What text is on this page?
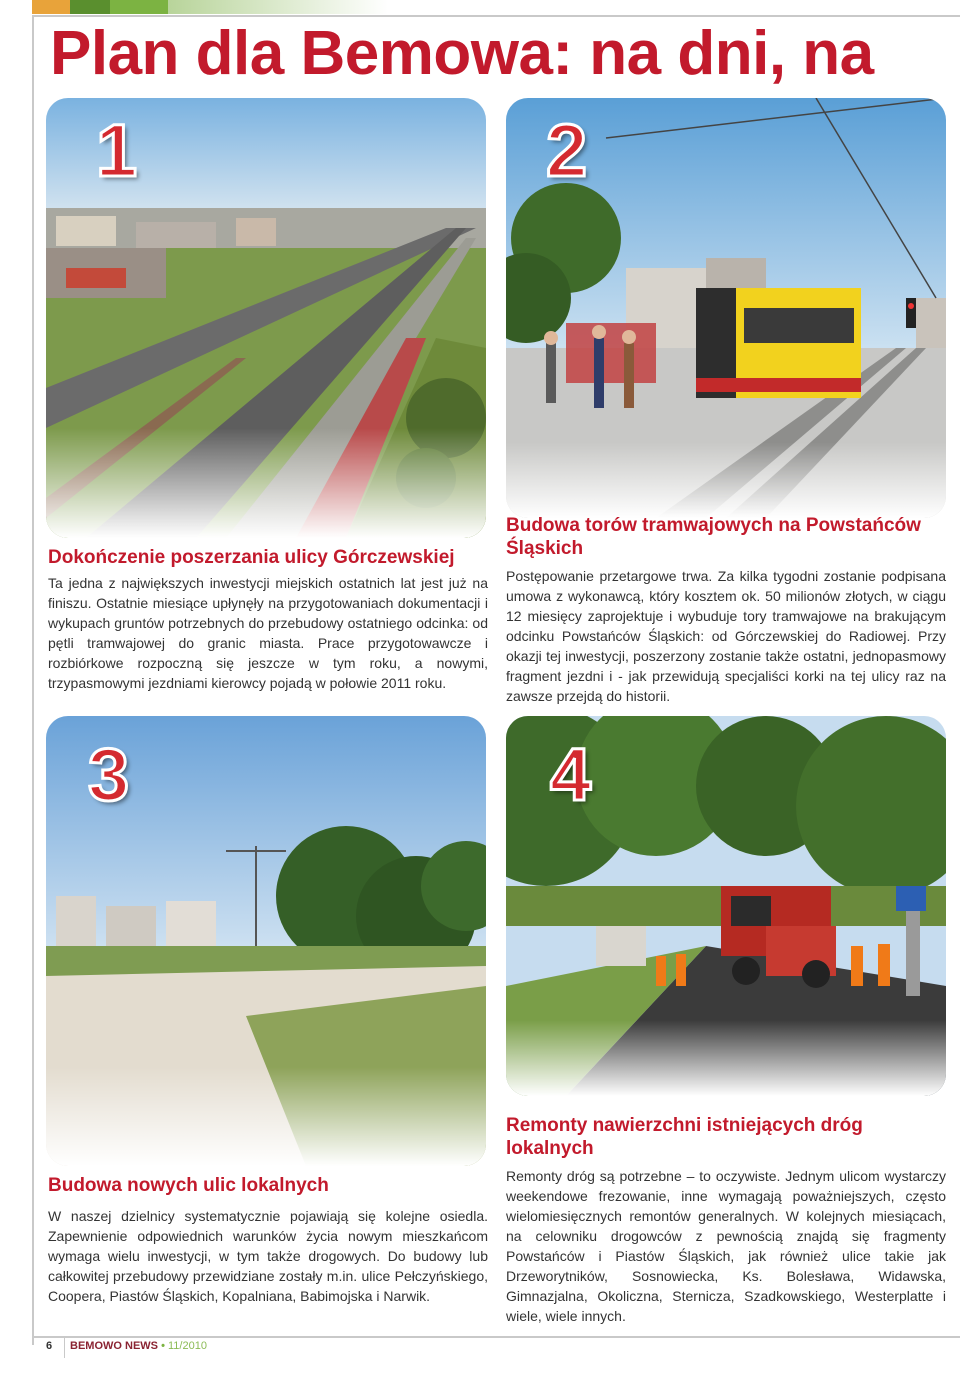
Plan dla Bemowa: na dni, na
1	2
Dokończenie poszerzania ulicy Górczewskiej

Ta jedna z największych inwestycji miejskich ostatnich lat jest już na finiszu. Ostatnie miesiące upłynęły na przygotowaniach dokumentacji i wykupach gruntów potrzebnych do przebudowy ostatniego odcinka: od pętli tramwajowej do granic miasta. Prace przygotowawcze i rozbiórkowe rozpoczną się jeszcze w tym roku, a nowymi, trzypasmowymi jezdniami kierowcy pojadą w połowie 2011 roku.

Budowa torów tramwajowych na Powstańców Śląskich

Postępowanie przetargowe trwa. Za kilka tygodni zostanie podpisana umowa z wykonawcą, który kosztem ok. 50 milionów złotych, w ciągu 12 miesięcy zaprojektuje i wybuduje tory tramwajowe na brakującym odcinku Powstańców Śląskich: od Górczewskiej do Radiowej. Przy okazji tej inwestycji, poszerzony zostanie także ostatni, jednopasmowy fragment jezdni i - jak przewidują specjaliści korki na tej ulicy raz na zawsze przejdą do historii.

3	4
Remonty nawierzchni istniejących dróg lokalnych

Remonty dróg są potrzebne – to oczywiste. Jednym ulicom wystarczy weekendowe frezowanie, inne wymagają poważniejszych, często wielomiesięcznych remontów generalnych. W kolejnych miesiącach, na celowniku drogowców z pewnością znajdą się fragmenty Powstańców i Piastów Śląskich, jak również ulice takie jak Drzeworytników, Sosnowiecka, Ks. Bolesława, Widawska, Gimnazjalna, Okoliczna, Sternicza, Szadkowskiego, Westerplatte i wiele, wiele innych.

Budowa nowych ulic lokalnych

W naszej dzielnicy systematycznie pojawiają się kolejne osiedla. Zapewnienie odpowiednich warunków życia nowym mieszkańcom wymaga wielu inwestycji, w tym także drogowych. Do budowy lub całkowitej przebudowy przewidziane zostały m.in. ulice Pełczyńskiego, Coopera, Piastów Śląskich, Kopalniana, Babimojska i Narwik.

6 BEMOWO NEWS • 11/2010
